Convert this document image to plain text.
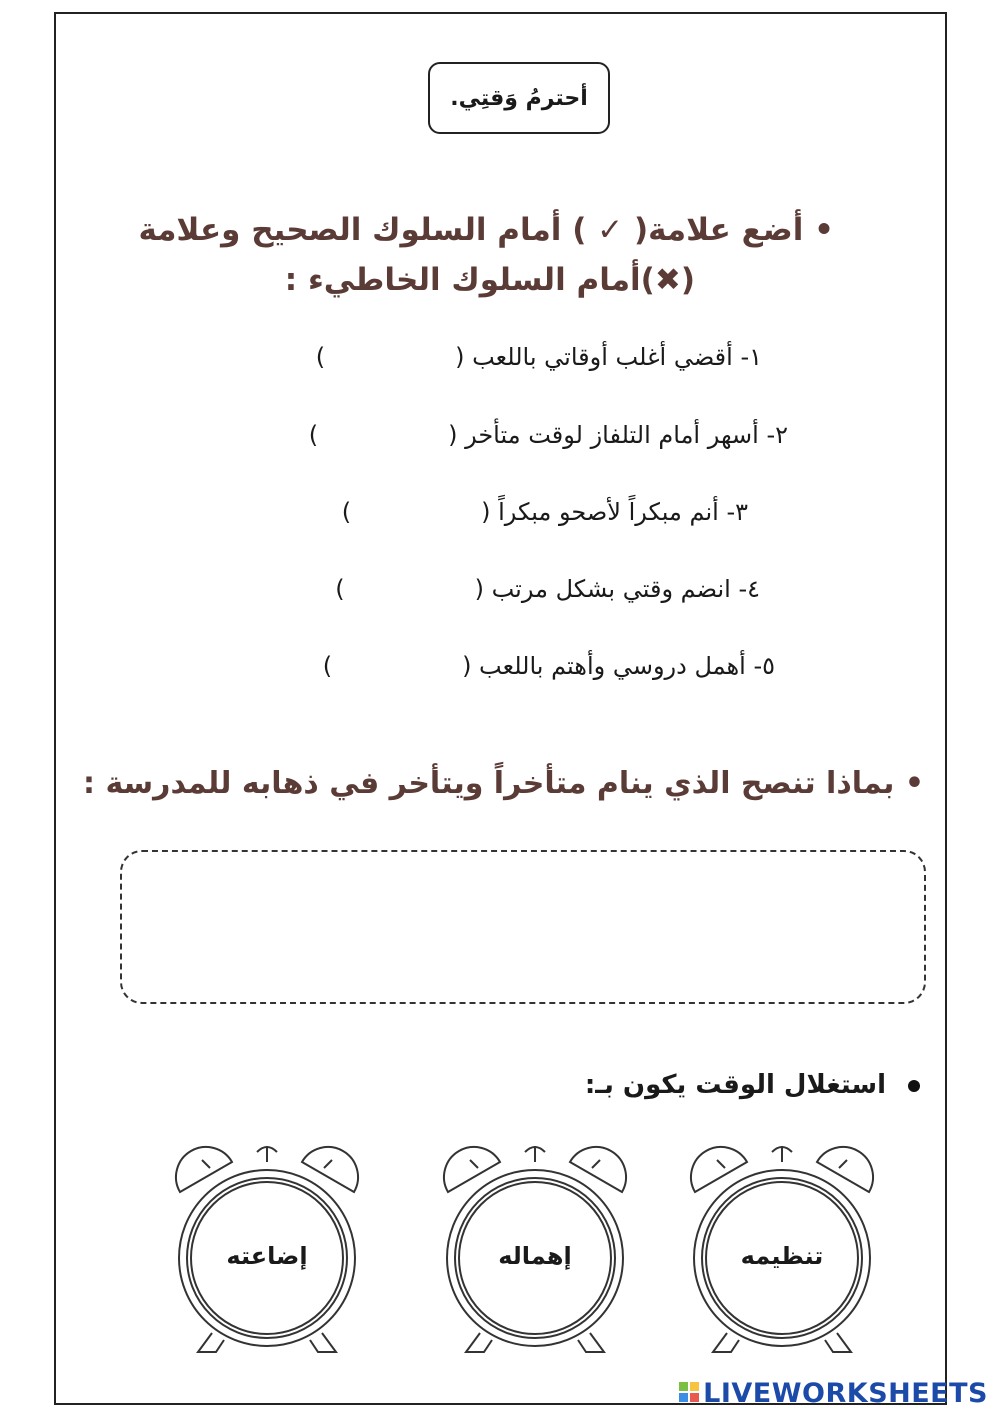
أحترمُ وَقتِي.
• أضع علامة( ✓ ) أمام السلوك الصحيح وعلامة
(✖)أمام السلوك الخاطيء :
١- أقضي أغلب أوقاتي باللعب ()
٢- أسهر أمام التلفاز لوقت متأخر ()
٣- أنم مبكراً لأصحو مبكراً ()
٤- انضم وقتي بشكل مرتب ()
٥- أهمل دروسي وأهتم باللعب ()
• بماذا تنصح الذي ينام متأخراً ويتأخر في ذهابه للمدرسة :
استغلال الوقت يكون بـ:
تنظيمه
إهماله
إضاعته
LIVEWORKSHEETS
